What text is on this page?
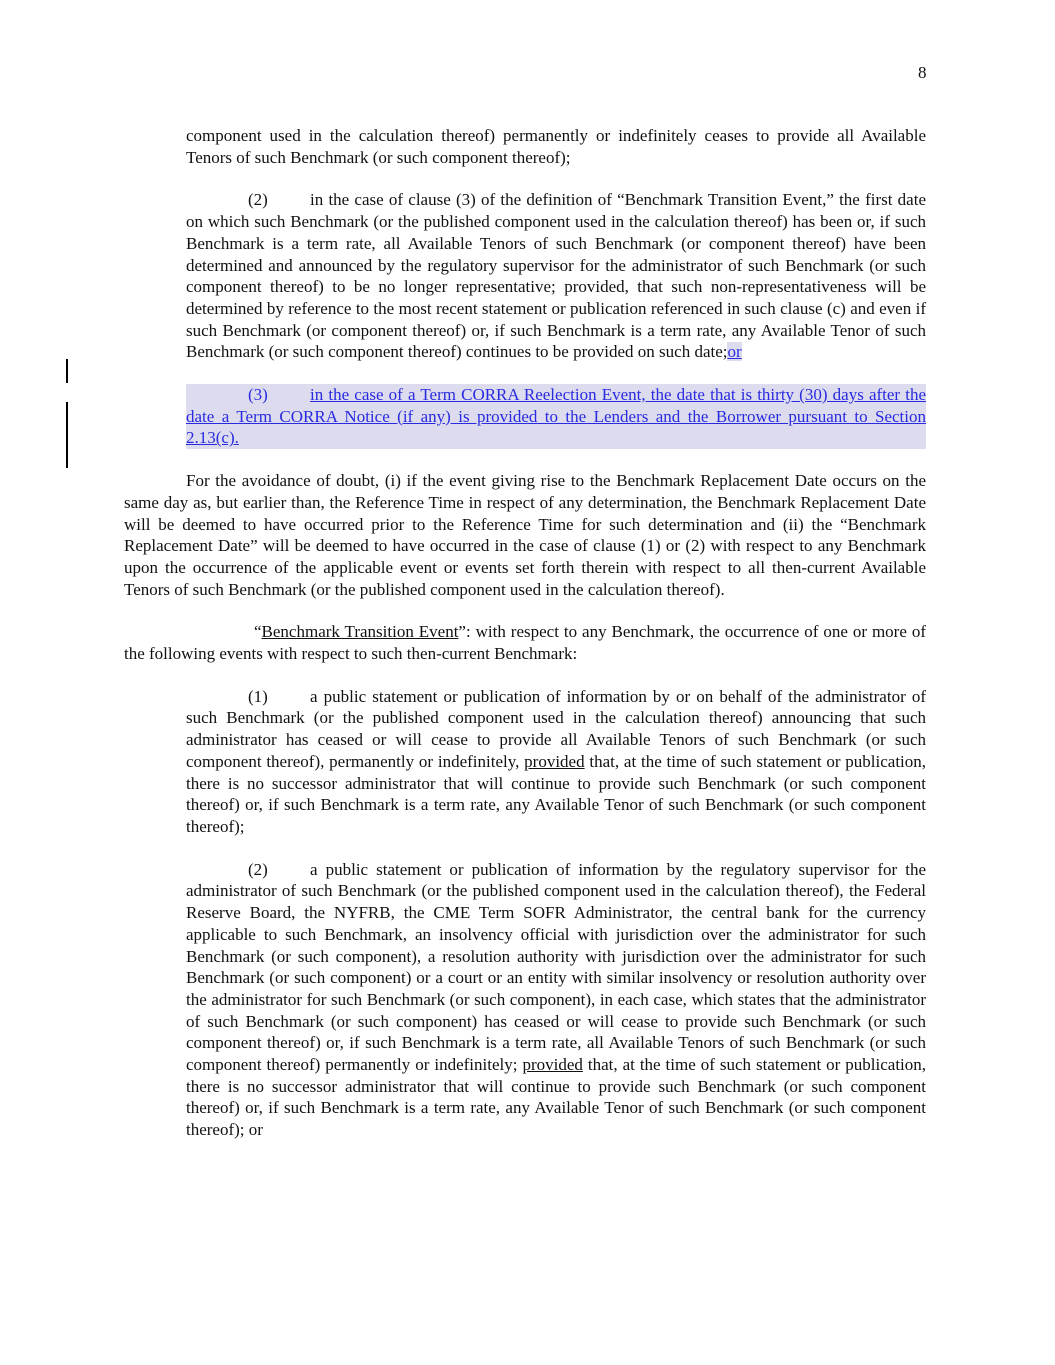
8

component used in the calculation thereof) permanently or indefinitely ceases to provide all Available Tenors of such Benchmark (or such component thereof);

(2) in the case of clause (3) of the definition of “Benchmark Transition Event,” the first date on which such Benchmark (or the published component used in the calculation thereof) has been or, if such Benchmark is a term rate, all Available Tenors of such Benchmark (or component thereof) have been determined and announced by the regulatory supervisor for the administrator of such Benchmark (or such component thereof) to be no longer representative; provided, that such non-representativeness will be determined by reference to the most recent statement or publication referenced in such clause (c) and even if such Benchmark (or component thereof) or, if such Benchmark is a term rate, any Available Tenor of such Benchmark (or such component thereof) continues to be provided on such date;or

(3) in the case of a Term CORRA Reelection Event, the date that is thirty (30) days after the date a Term CORRA Notice (if any) is provided to the Lenders and the Borrower pursuant to Section 2.13(c).

For the avoidance of doubt, (i) if the event giving rise to the Benchmark Replacement Date occurs on the same day as, but earlier than, the Reference Time in respect of any determination, the Benchmark Replacement Date will be deemed to have occurred prior to the Reference Time for such determination and (ii) the “Benchmark Replacement Date” will be deemed to have occurred in the case of clause (1) or (2) with respect to any Benchmark upon the occurrence of the applicable event or events set forth therein with respect to all then-current Available Tenors of such Benchmark (or the published component used in the calculation thereof).

“Benchmark Transition Event”: with respect to any Benchmark, the occurrence of one or more of the following events with respect to such then-current Benchmark:

(1) a public statement or publication of information by or on behalf of the administrator of such Benchmark (or the published component used in the calculation thereof) announcing that such administrator has ceased or will cease to provide all Available Tenors of such Benchmark (or such component thereof), permanently or indefinitely, provided that, at the time of such statement or publication, there is no successor administrator that will continue to provide such Benchmark (or such component thereof) or, if such Benchmark is a term rate, any Available Tenor of such Benchmark (or such component thereof);

(2) a public statement or publication of information by the regulatory supervisor for the administrator of such Benchmark (or the published component used in the calculation thereof), the Federal Reserve Board, the NYFRB, the CME Term SOFR Administrator, the central bank for the currency applicable to such Benchmark, an insolvency official with jurisdiction over the administrator for such Benchmark (or such component), a resolution authority with jurisdiction over the administrator for such Benchmark (or such component) or a court or an entity with similar insolvency or resolution authority over the administrator for such Benchmark (or such component), in each case, which states that the administrator of such Benchmark (or such component) has ceased or will cease to provide such Benchmark (or such component thereof) or, if such Benchmark is a term rate, all Available Tenors of such Benchmark (or such component thereof) permanently or indefinitely; provided that, at the time of such statement or publication, there is no successor administrator that will continue to provide such Benchmark (or such component thereof) or, if such Benchmark is a term rate, any Available Tenor of such Benchmark (or such component thereof); or
